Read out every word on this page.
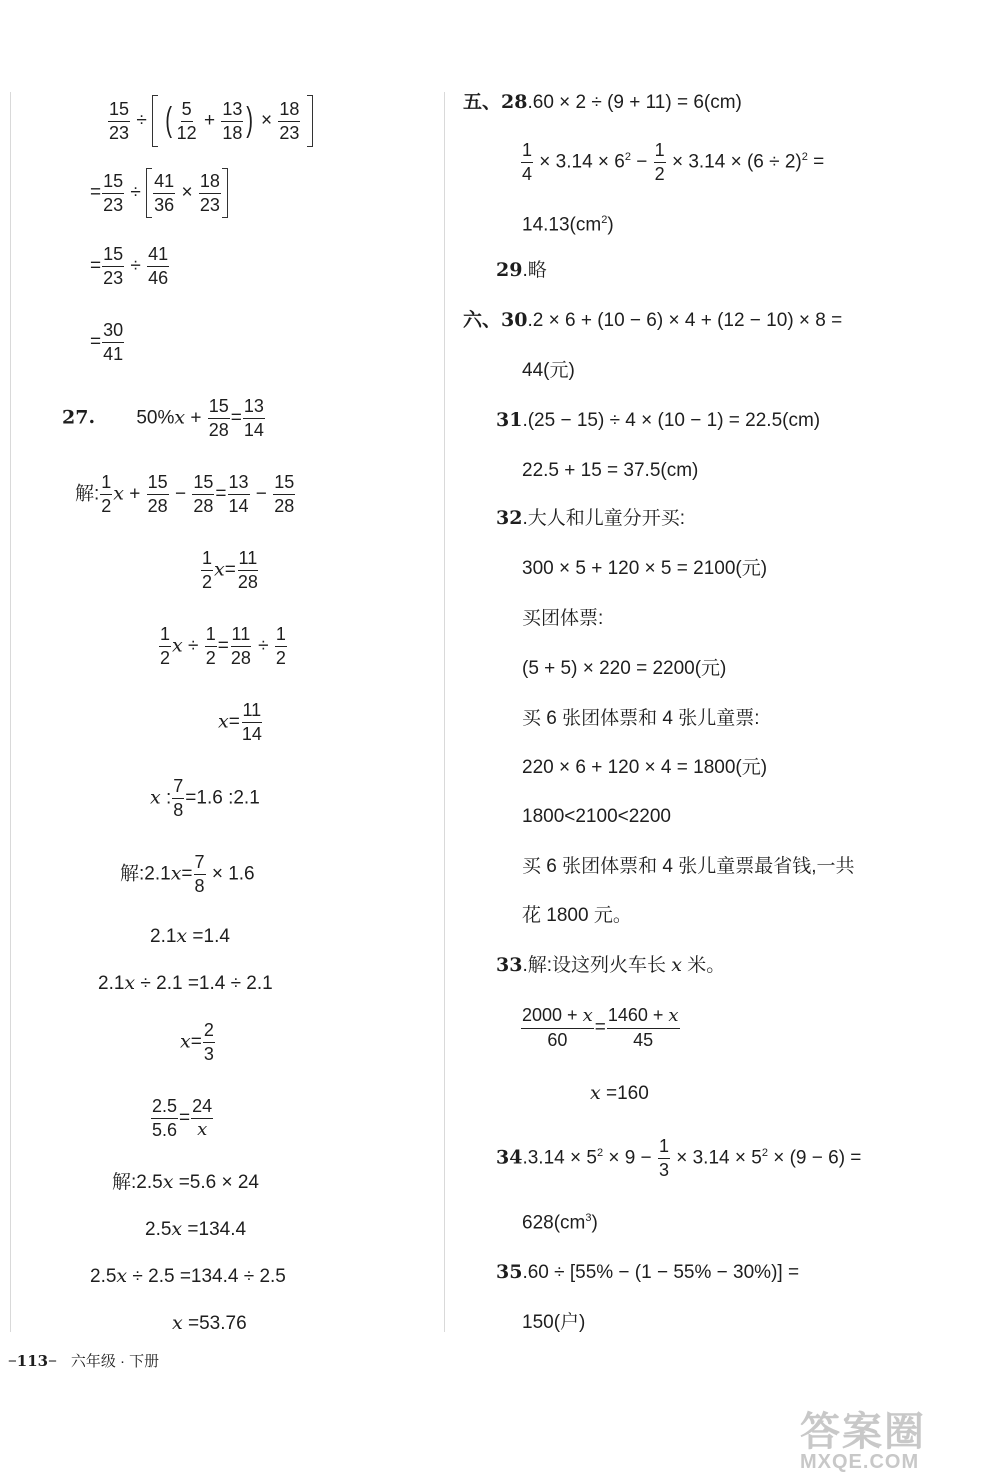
$\frac{15}{23}$ ÷ ( $\frac{5}{12} + \frac{13}{18}$ ) × $\frac{18}{23}$

= $\frac{15}{23} \div \frac{41}{36} \times \frac{18}{23}$
= $\frac{15}{23} \div \frac{41}{46}$
= $\frac{30}{41}$
27. $50\%x + \frac{15}{28} = \frac{13}{14}$
解: $\frac{1}{2}$ $x + \frac{15}{28} - \frac{15}{28} = \frac{13}{14} - \frac{15}{28}$
$\frac{1}{2} x= \frac{11}{28}$
$\frac{1}{2}$ $x \div \frac{1}{2} = \frac{11}{28} \div \frac{1}{2}$
$x= \frac{11}{14}$
x : $\frac{7}{8} =1.6$ :2.1
解:2.1x= $\frac{7}{8} \times 1.6$
2.1x =1.4
2.1x ÷ 2.1 =1.4 ÷ 2.1
$x= \frac{2}{3}$
$\frac{2.5}{5.6} = \frac{24}{x}$
解:2.5x =5.6 × 24
2.5x =134.4
2.5x ÷ 2.5 =134.4 ÷ 2.5
x =53.76
五、28.60 × 2 ÷ (9 + 11) = 6(cm)
$\frac{1}{4} \times 3.14 \times 6^2 - \frac{1}{2} \times 3.14 \times (6 \div 2)^2$ =
$14.13(cm^2)$
29.略
六、30.2 × 6 + (10 − 6) × 4 + (12 − 10) × 8 =
44(元)
31.(25 − 15) ÷ 4 × (10 − 1) = 22.5(cm)
22.5 + 15 = 37.5(cm)
32.大人和儿童分开买:
300 × 5 + 120 × 5 = 2100(元)
买团体票:
(5 + 5) × 220 = 2200(元)
买 6 张团体票和 4 张儿童票:
220 × 6 + 120 × 4 = 1800(元)
1800<2100<2200
买 6 张团体票和 4 张儿童票最省钱,一共
花 1800 元。
33.解:设这列火车长 x 米。
$\frac{2000 + x}{60} = \frac{1460 + x}{45}$
x =160
$34.3.14 \times 5^2 \times 9 - \frac{1}{3} \times 3.14 \times 5^2 \times (9 - 6)$ =
$628(cm^3)$
35.60 ÷ [55% − (1 − 55% − 30%)] =
150(户)
−113− 六年级 · 下册
答案圈
MXQE.COM
